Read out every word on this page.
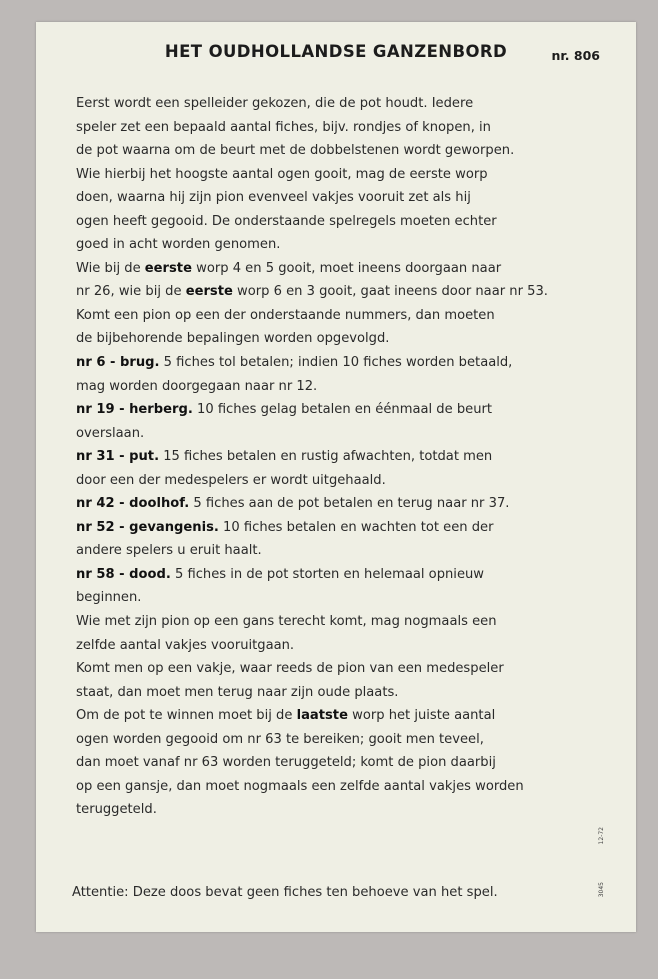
HET OUDHOLLANDSE GANZENBORD	nr. 806
Eerst wordt een spelleider gekozen, die de pot houdt. Iedere
speler zet een bepaald aantal fiches, bijv. rondjes of knopen, in
de pot waarna om de beurt met de dobbelstenen wordt geworpen.
Wie hierbij het hoogste aantal ogen gooit, mag de eerste worp
doen, waarna hij zijn pion evenveel vakjes vooruit zet als hij
ogen heeft gegooid. De onderstaande spelregels moeten echter
goed in acht worden genomen.
Wie bij de eerste worp 4 en 5 gooit, moet ineens doorgaan naar
nr 26, wie bij de eerste worp 6 en 3 gooit, gaat ineens door naar nr 53.
Komt een pion op een der onderstaande nummers, dan moeten
de bijbehorende bepalingen worden opgevolgd.
nr 6 - brug. 5 fiches tol betalen; indien 10 fiches worden betaald,
mag worden doorgegaan naar nr 12.
nr 19 - herberg. 10 fiches gelag betalen en éénmaal de beurt
overslaan.
nr 31 - put. 15 fiches betalen en rustig afwachten, totdat men
door een der medespelers er wordt uitgehaald.
nr 42 - doolhof. 5 fiches aan de pot betalen en terug naar nr 37.
nr 52 - gevangenis. 10 fiches betalen en wachten tot een der
andere spelers u eruit haalt.
nr 58 - dood. 5 fiches in de pot storten en helemaal opnieuw
beginnen.
Wie met zijn pion op een gans terecht komt, mag nogmaals een
zelfde aantal vakjes vooruitgaan.
Komt men op een vakje, waar reeds de pion van een medespeler
staat, dan moet men terug naar zijn oude plaats.
Om de pot te winnen moet bij de laatste worp het juiste aantal
ogen worden gegooid om nr 63 te bereiken; gooit men teveel,
dan moet vanaf nr 63 worden teruggeteld; komt de pion daarbij
op een gansje, dan moet nogmaals een zelfde aantal vakjes worden
teruggeteld.
12-72
3045
Attentie: Deze doos bevat geen fiches ten behoeve van het spel.
